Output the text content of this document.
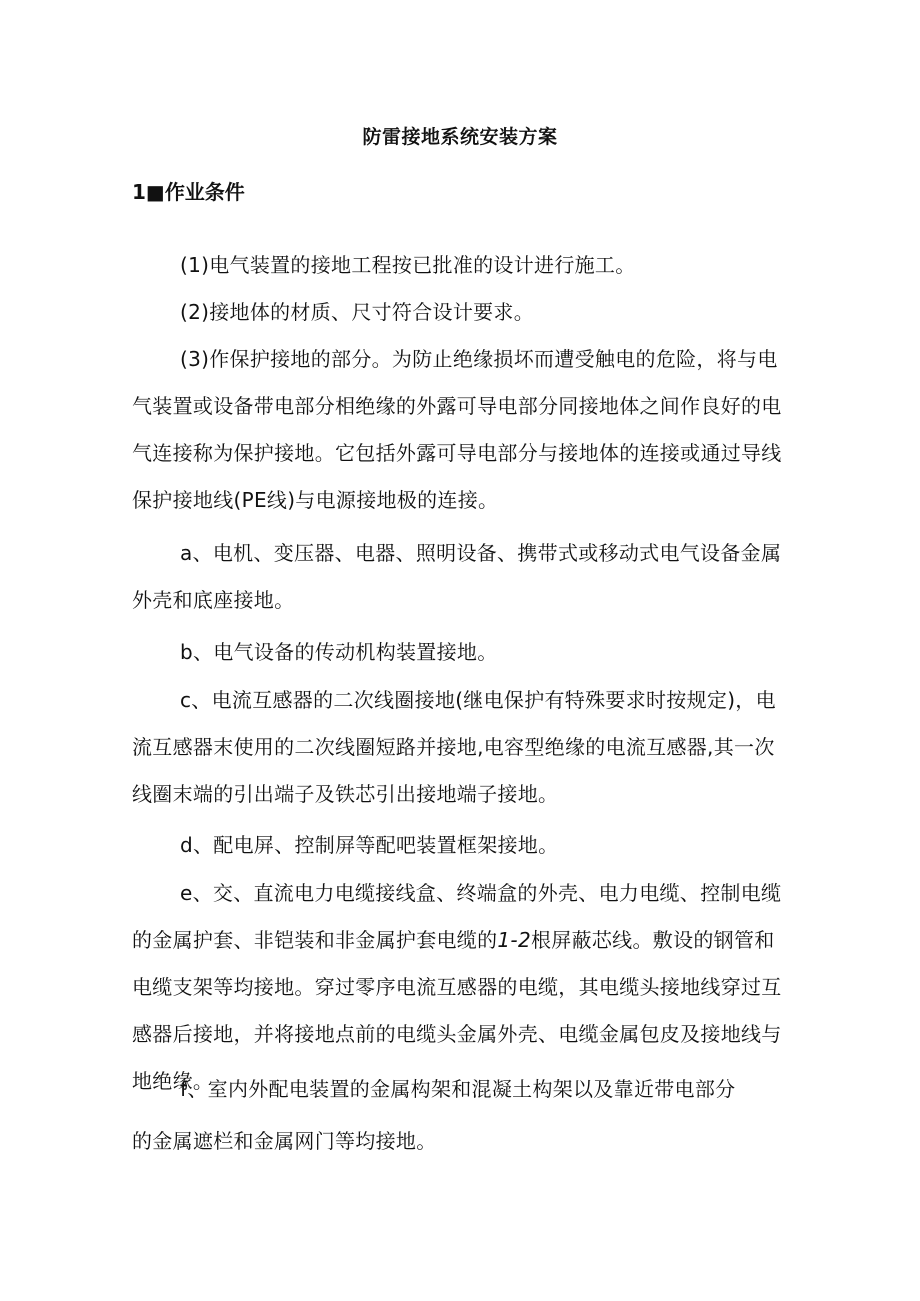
防雷接地系统安装方案
1■作业条件

(1)电气装置的接地工程按已批准的设计进行施工。

(2)接地体的材质、尺寸符合设计要求。

(3)作保护接地的部分。为防止绝缘损坏而遭受触电的危险，将与电气装置或设备带电部分相绝缘的外露可导电部分同接地体之间作良好的电气连接称为保护接地。它包括外露可导电部分与接地体的连接或通过导线保护接地线(PE线)与电源接地极的连接。

a、电机、变压器、电器、照明设备、携带式或移动式电气设备金属外壳和底座接地。

b、电气设备的传动机构装置接地。

c、电流互感器的二次线圈接地(继电保护有特殊要求时按规定)，电流互感器末使用的二次线圈短路并接地,电容型绝缘的电流互感器,其一次线圈末端的引出端子及铁芯引出接地端子接地。

d、配电屏、控制屏等配吧装置框架接地。

e、交、直流电力电缆接线盒、终端盒的外壳、电力电缆、控制电缆的金属护套、非铠装和非金属护套电缆的1-2根屏蔽芯线。敷设的钢管和电缆支架等均接地。穿过零序电流互感器的电缆，其电缆头接地线穿过互感器后接地，并将接地点前的电缆头金属外壳、电缆金属包皮及接地线与地绝缘。

f、室内外配电装置的金属构架和混凝土构架以及靠近带电部分

的金属遮栏和金属网门等均接地。
